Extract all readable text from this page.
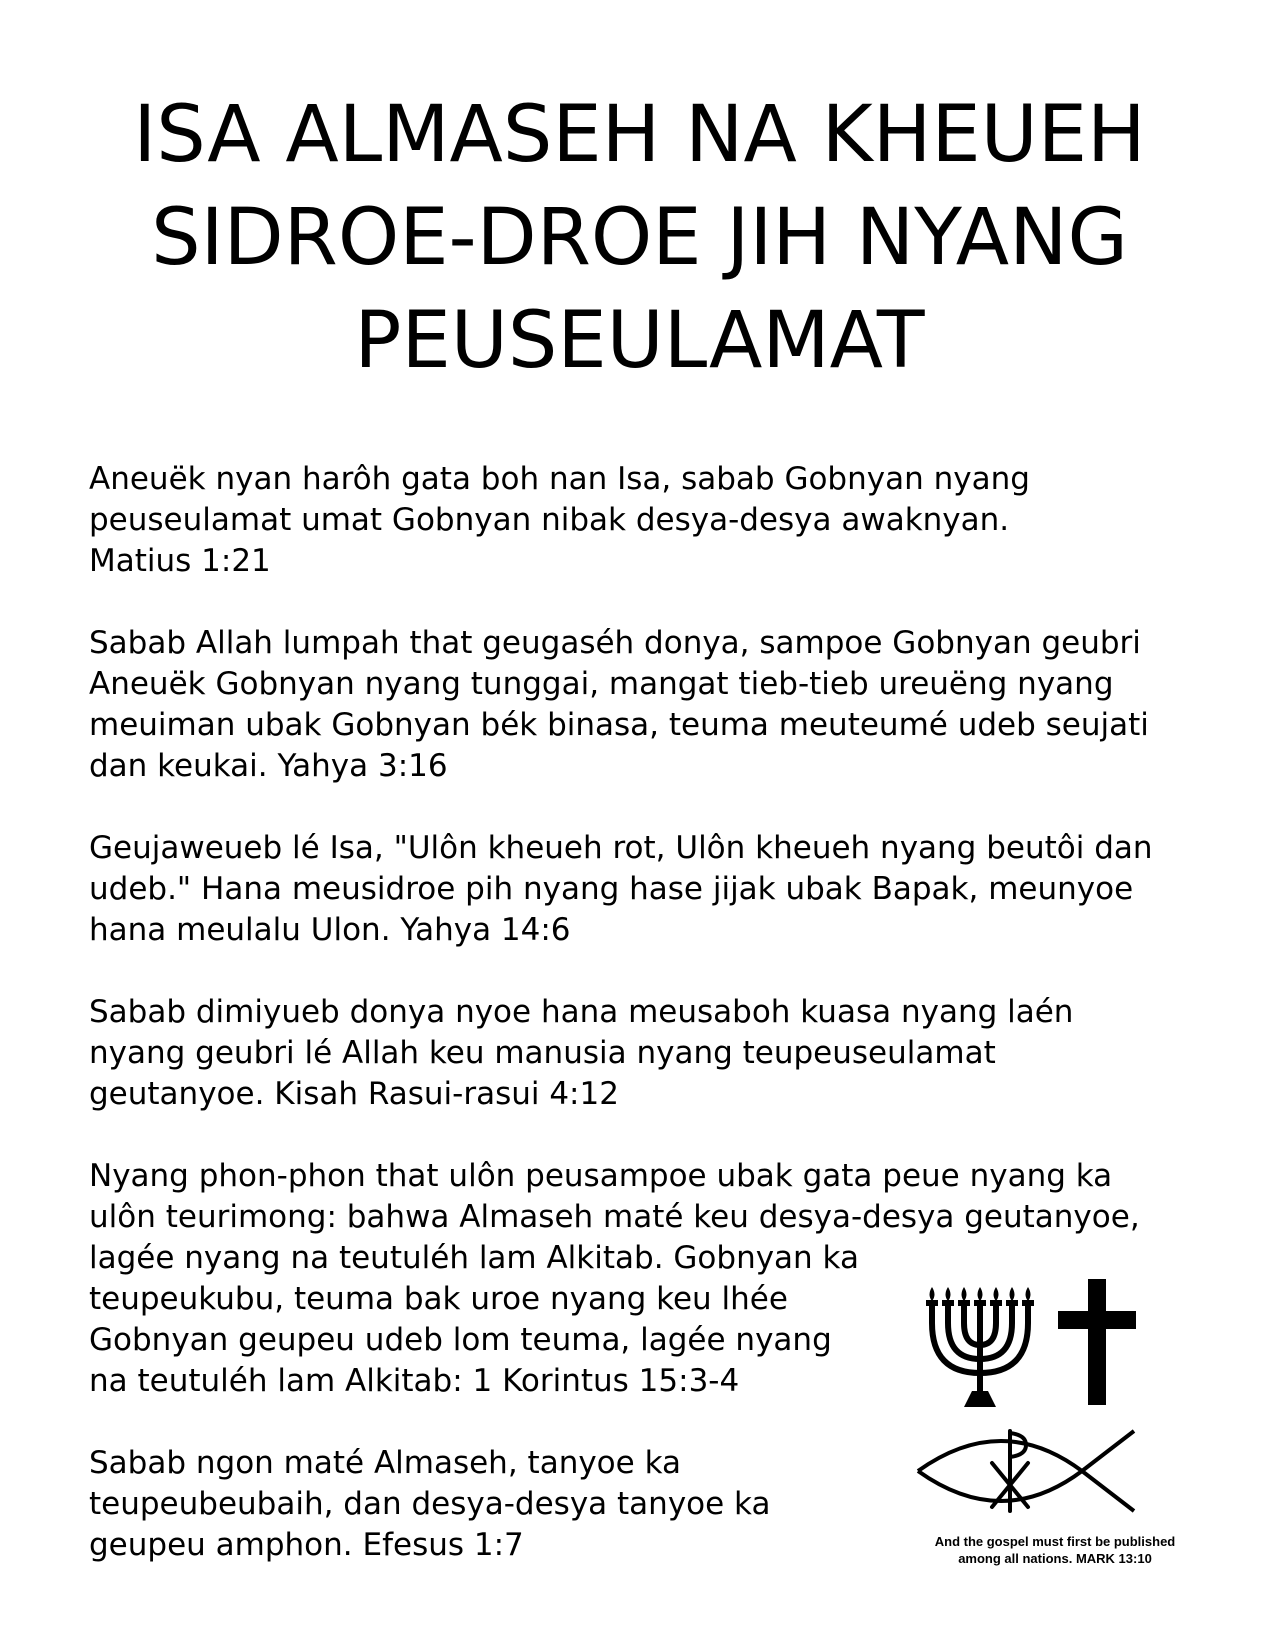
ISA ALMASEH NA KHEUEH
SIDROE-DROE JIH NYANG
PEUSEULAMAT

Aneuëk nyan harôh gata boh nan Isa, sabab Gobnyan nyang
peuseulamat umat Gobnyan nibak desya-desya awaknyan.
Matius 1:21

Sabab Allah lumpah that geugaséh donya, sampoe Gobnyan geubri
Aneuëk Gobnyan nyang tunggai, mangat tieb-tieb ureuëng nyang
meuiman ubak Gobnyan bék binasa, teuma meuteumé udeb seujati
dan keukai. Yahya 3:16

Geujaweueb lé Isa, "Ulôn kheueh rot, Ulôn kheueh nyang beutôi dan
udeb." Hana meusidroe pih nyang hase jijak ubak Bapak, meunyoe
hana meulalu Ulon. Yahya 14:6

Sabab dimiyueb donya nyoe hana meusaboh kuasa nyang laén
nyang geubri lé Allah keu manusia nyang teupeuseulamat
geutanyoe. Kisah Rasui-rasui 4:12

Nyang phon-phon that ulôn peusampoe ubak gata peue nyang ka
ulôn teurimong: bahwa Almaseh maté keu desya-desya geutanyoe,
lagée nyang na teutuléh lam Alkitab. Gobnyan ka
teupeukubu, teuma bak uroe nyang keu lhée
Gobnyan geupeu udeb lom teuma, lagée nyang
na teutuléh lam Alkitab: 1 Korintus 15:3-4

Sabab ngon maté Almaseh, tanyoe ka
teupeubeubaih, dan desya-desya tanyoe ka
geupeu amphon. Efesus 1:7	And the gospel must first be published
among all nations. MARK 13:10
